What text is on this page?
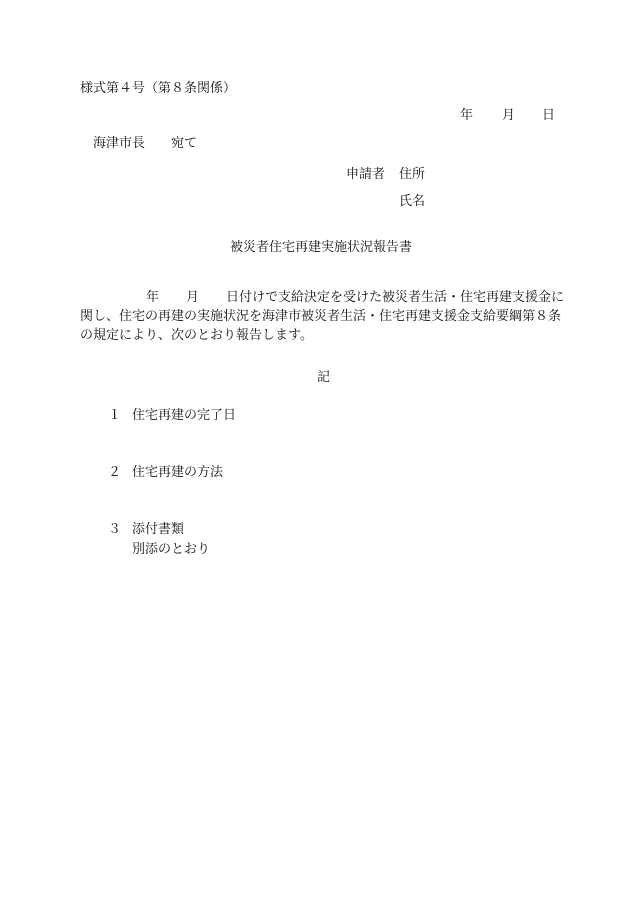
様式第４号（第８条関係）
年 月 日
海津市長　　宛て
申請者 住所
氏名
被災者住宅再建実施状況報告書
年 月 日付けで支給決定を受けた被災者生活・住宅再建支援金に
関し、住宅の再建の実施状況を海津市被災者生活・住宅再建支援金支給要綱第８条
の規定により、次のとおり報告します。
記
１ 住宅再建の完了日
２ 住宅再建の方法
３ 添付書類
別添のとおり
